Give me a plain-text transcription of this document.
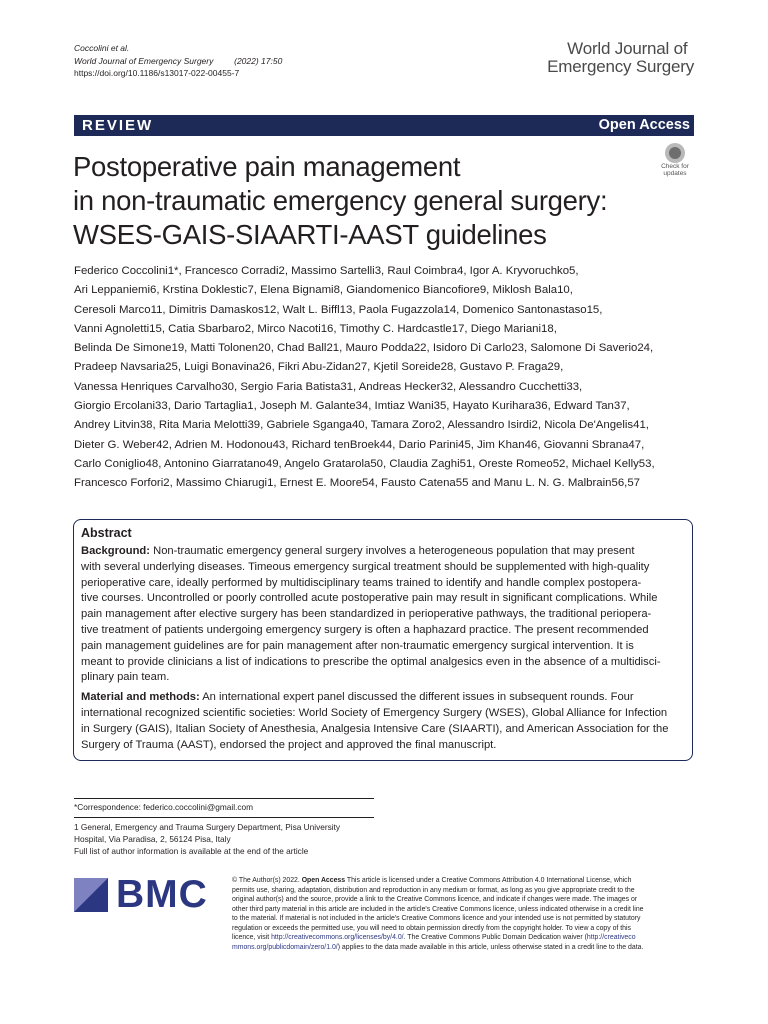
Coccolini et al.
World Journal of Emergency Surgery (2022) 17:50
https://doi.org/10.1186/s13017-022-00455-7
World Journal of
Emergency Surgery
REVIEW	Open Access
Postoperative pain management
in non-traumatic emergency general surgery:
WSES-GAIS-SIAARTI-AAST guidelines
Check for
updates
Federico Coccolini1*, Francesco Corradi2, Massimo Sartelli3, Raul Coimbra4, Igor A. Kryvoruchko5,
Ari Leppaniemi6, Krstina Doklestic7, Elena Bignami8, Giandomenico Biancofiore9, Miklosh Bala10,
Ceresoli Marco11, Dimitris Damaskos12, Walt L. Biffl13, Paola Fugazzola14, Domenico Santonastaso15,
Vanni Agnoletti15, Catia Sbarbaro2, Mirco Nacoti16, Timothy C. Hardcastle17, Diego Mariani18,
Belinda De Simone19, Matti Tolonen20, Chad Ball21, Mauro Podda22, Isidoro Di Carlo23, Salomone Di Saverio24,
Pradeep Navsaria25, Luigi Bonavina26, Fikri Abu-Zidan27, Kjetil Soreide28, Gustavo P. Fraga29,
Vanessa Henriques Carvalho30, Sergio Faria Batista31, Andreas Hecker32, Alessandro Cucchetti33,
Giorgio Ercolani33, Dario Tartaglia1, Joseph M. Galante34, Imtiaz Wani35, Hayato Kurihara36, Edward Tan37,
Andrey Litvin38, Rita Maria Melotti39, Gabriele Sganga40, Tamara Zoro2, Alessandro Isirdi2, Nicola De'Angelis41,
Dieter G. Weber42, Adrien M. Hodonou43, Richard tenBroek44, Dario Parini45, Jim Khan46, Giovanni Sbrana47,
Carlo Coniglio48, Antonino Giarratano49, Angelo Gratarola50, Claudia Zaghi51, Oreste Romeo52, Michael Kelly53,
Francesco Forfori2, Massimo Chiarugi1, Ernest E. Moore54, Fausto Catena55 and Manu L. N. G. Malbrain56,57
Abstract
Background: Non-traumatic emergency general surgery involves a heterogeneous population that may present
with several underlying diseases. Timeous emergency surgical treatment should be supplemented with high-quality
perioperative care, ideally performed by multidisciplinary teams trained to identify and handle complex postopera-
tive courses. Uncontrolled or poorly controlled acute postoperative pain may result in significant complications. While
pain management after elective surgery has been standardized in perioperative pathways, the traditional periopera-
tive treatment of patients undergoing emergency surgery is often a haphazard practice. The present recommended
pain management guidelines are for pain management after non-traumatic emergency surgical intervention. It is
meant to provide clinicians a list of indications to prescribe the optimal analgesics even in the absence of a multidisci-
plinary pain team.
Material and methods: An international expert panel discussed the different issues in subsequent rounds. Four
international recognized scientific societies: World Society of Emergency Surgery (WSES), Global Alliance for Infection
in Surgery (GAIS), Italian Society of Anesthesia, Analgesia Intensive Care (SIAARTI), and American Association for the
Surgery of Trauma (AAST), endorsed the project and approved the final manuscript.
*Correspondence: federico.coccolini@gmail.com
1 General, Emergency and Trauma Surgery Department, Pisa University
Hospital, Via Paradisa, 2, 56124 Pisa, Italy
Full list of author information is available at the end of the article
BMC	© The Author(s) 2022. Open Access This article is licensed under a Creative Commons Attribution 4.0 International License, which
permits use, sharing, adaptation, distribution and reproduction in any medium or format, as long as you give appropriate credit to the
original author(s) and the source, provide a link to the Creative Commons licence, and indicate if changes were made. The images or
other third party material in this article are included in the article's Creative Commons licence, unless indicated otherwise in a credit line
to the material. If material is not included in the article's Creative Commons licence and your intended use is not permitted by statutory
regulation or exceeds the permitted use, you will need to obtain permission directly from the copyright holder. To view a copy of this
licence, visit http://creativecommons.org/licenses/by/4.0/. The Creative Commons Public Domain Dedication waiver (http://creativeco
mmons.org/publicdomain/zero/1.0/) applies to the data made available in this article, unless otherwise stated in a credit line to the data.
